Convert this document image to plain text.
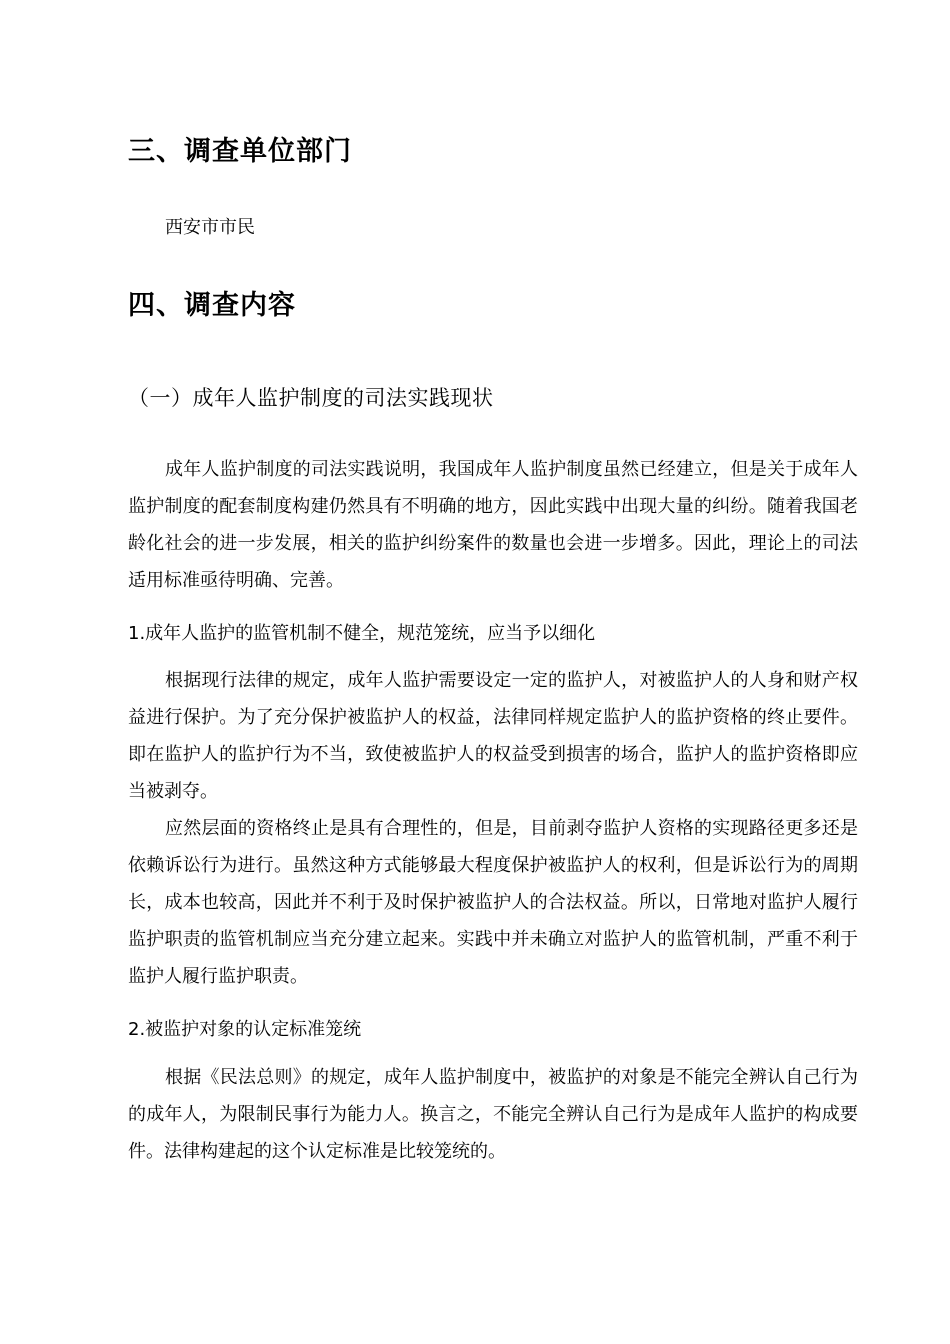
三、调查单位部门
西安市市民
四、调查内容
（一）成年人监护制度的司法实践现状
成年人监护制度的司法实践说明，我国成年人监护制度虽然已经建立，但是关于成年人监护制度的配套制度构建仍然具有不明确的地方，因此实践中出现大量的纠纷。随着我国老龄化社会的进一步发展，相关的监护纠纷案件的数量也会进一步增多。因此，理论上的司法适用标准亟待明确、完善。
1.成年人监护的监管机制不健全，规范笼统，应当予以细化
根据现行法律的规定，成年人监护需要设定一定的监护人，对被监护人的人身和财产权益进行保护。为了充分保护被监护人的权益，法律同样规定监护人的监护资格的终止要件。即在监护人的监护行为不当，致使被监护人的权益受到损害的场合，监护人的监护资格即应当被剥夺。
应然层面的资格终止是具有合理性的，但是，目前剥夺监护人资格的实现路径更多还是依赖诉讼行为进行。虽然这种方式能够最大程度保护被监护人的权利，但是诉讼行为的周期长，成本也较高，因此并不利于及时保护被监护人的合法权益。所以，日常地对监护人履行监护职责的监管机制应当充分建立起来。实践中并未确立对监护人的监管机制，严重不利于监护人履行监护职责。
2.被监护对象的认定标准笼统
根据《民法总则》的规定，成年人监护制度中，被监护的对象是不能完全辨认自己行为的成年人，为限制民事行为能力人。换言之，不能完全辨认自己行为是成年人监护的构成要件。法律构建起的这个认定标准是比较笼统的。
